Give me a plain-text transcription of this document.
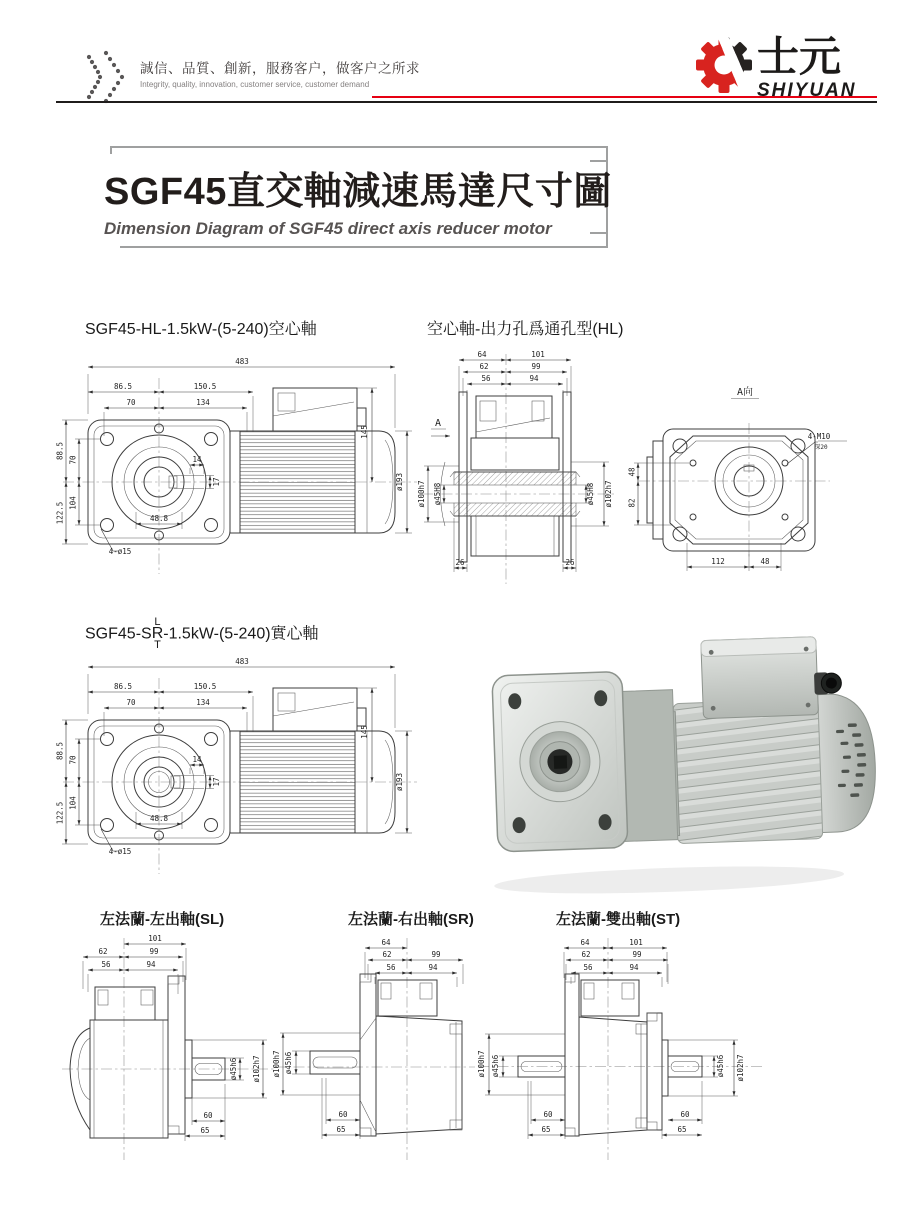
誠信、品質、創新，服務客户，做客户之所求
Integrity, quality, innovation, customer service, customer demand
士元
SHIYUAN
SGF45直交軸減速馬達尺寸圖
Dimension Diagram of SGF45 direct axis reducer motor
SGF45-HL-1.5kW-(5-240)空心軸	空心軸-出力孔爲通孔型(HL)
SGF45-S
L
R
T
-1.5kW-(5-240)實心軸
左法蘭-左出軸(SL)	左法蘭-右出軸(SR)	左法蘭-雙出軸(ST)
483
86.5	150.5
70	134
145
ø193
88.5 70
122.5 104
14
17
48.8
4-ø15
64	101
62	99
56	94
A
ø100h7 ø45H8	ø45H8 ø102h7
26	26
A向
48
82
112	48
4-M10
深20
483
86.5	150.5
70	134
145
ø193
88.5 70
122.5 104
14
17
48.8
4-ø15
101
62	99
56	94
ø45h6 ø102h7
60
65
64
62	99
56	94
ø100h7 ø45h6
60
65
64	101
62	99
56	94
ø100h7 ø45h6
60
65
ø45h6 ø102h7
60
65
